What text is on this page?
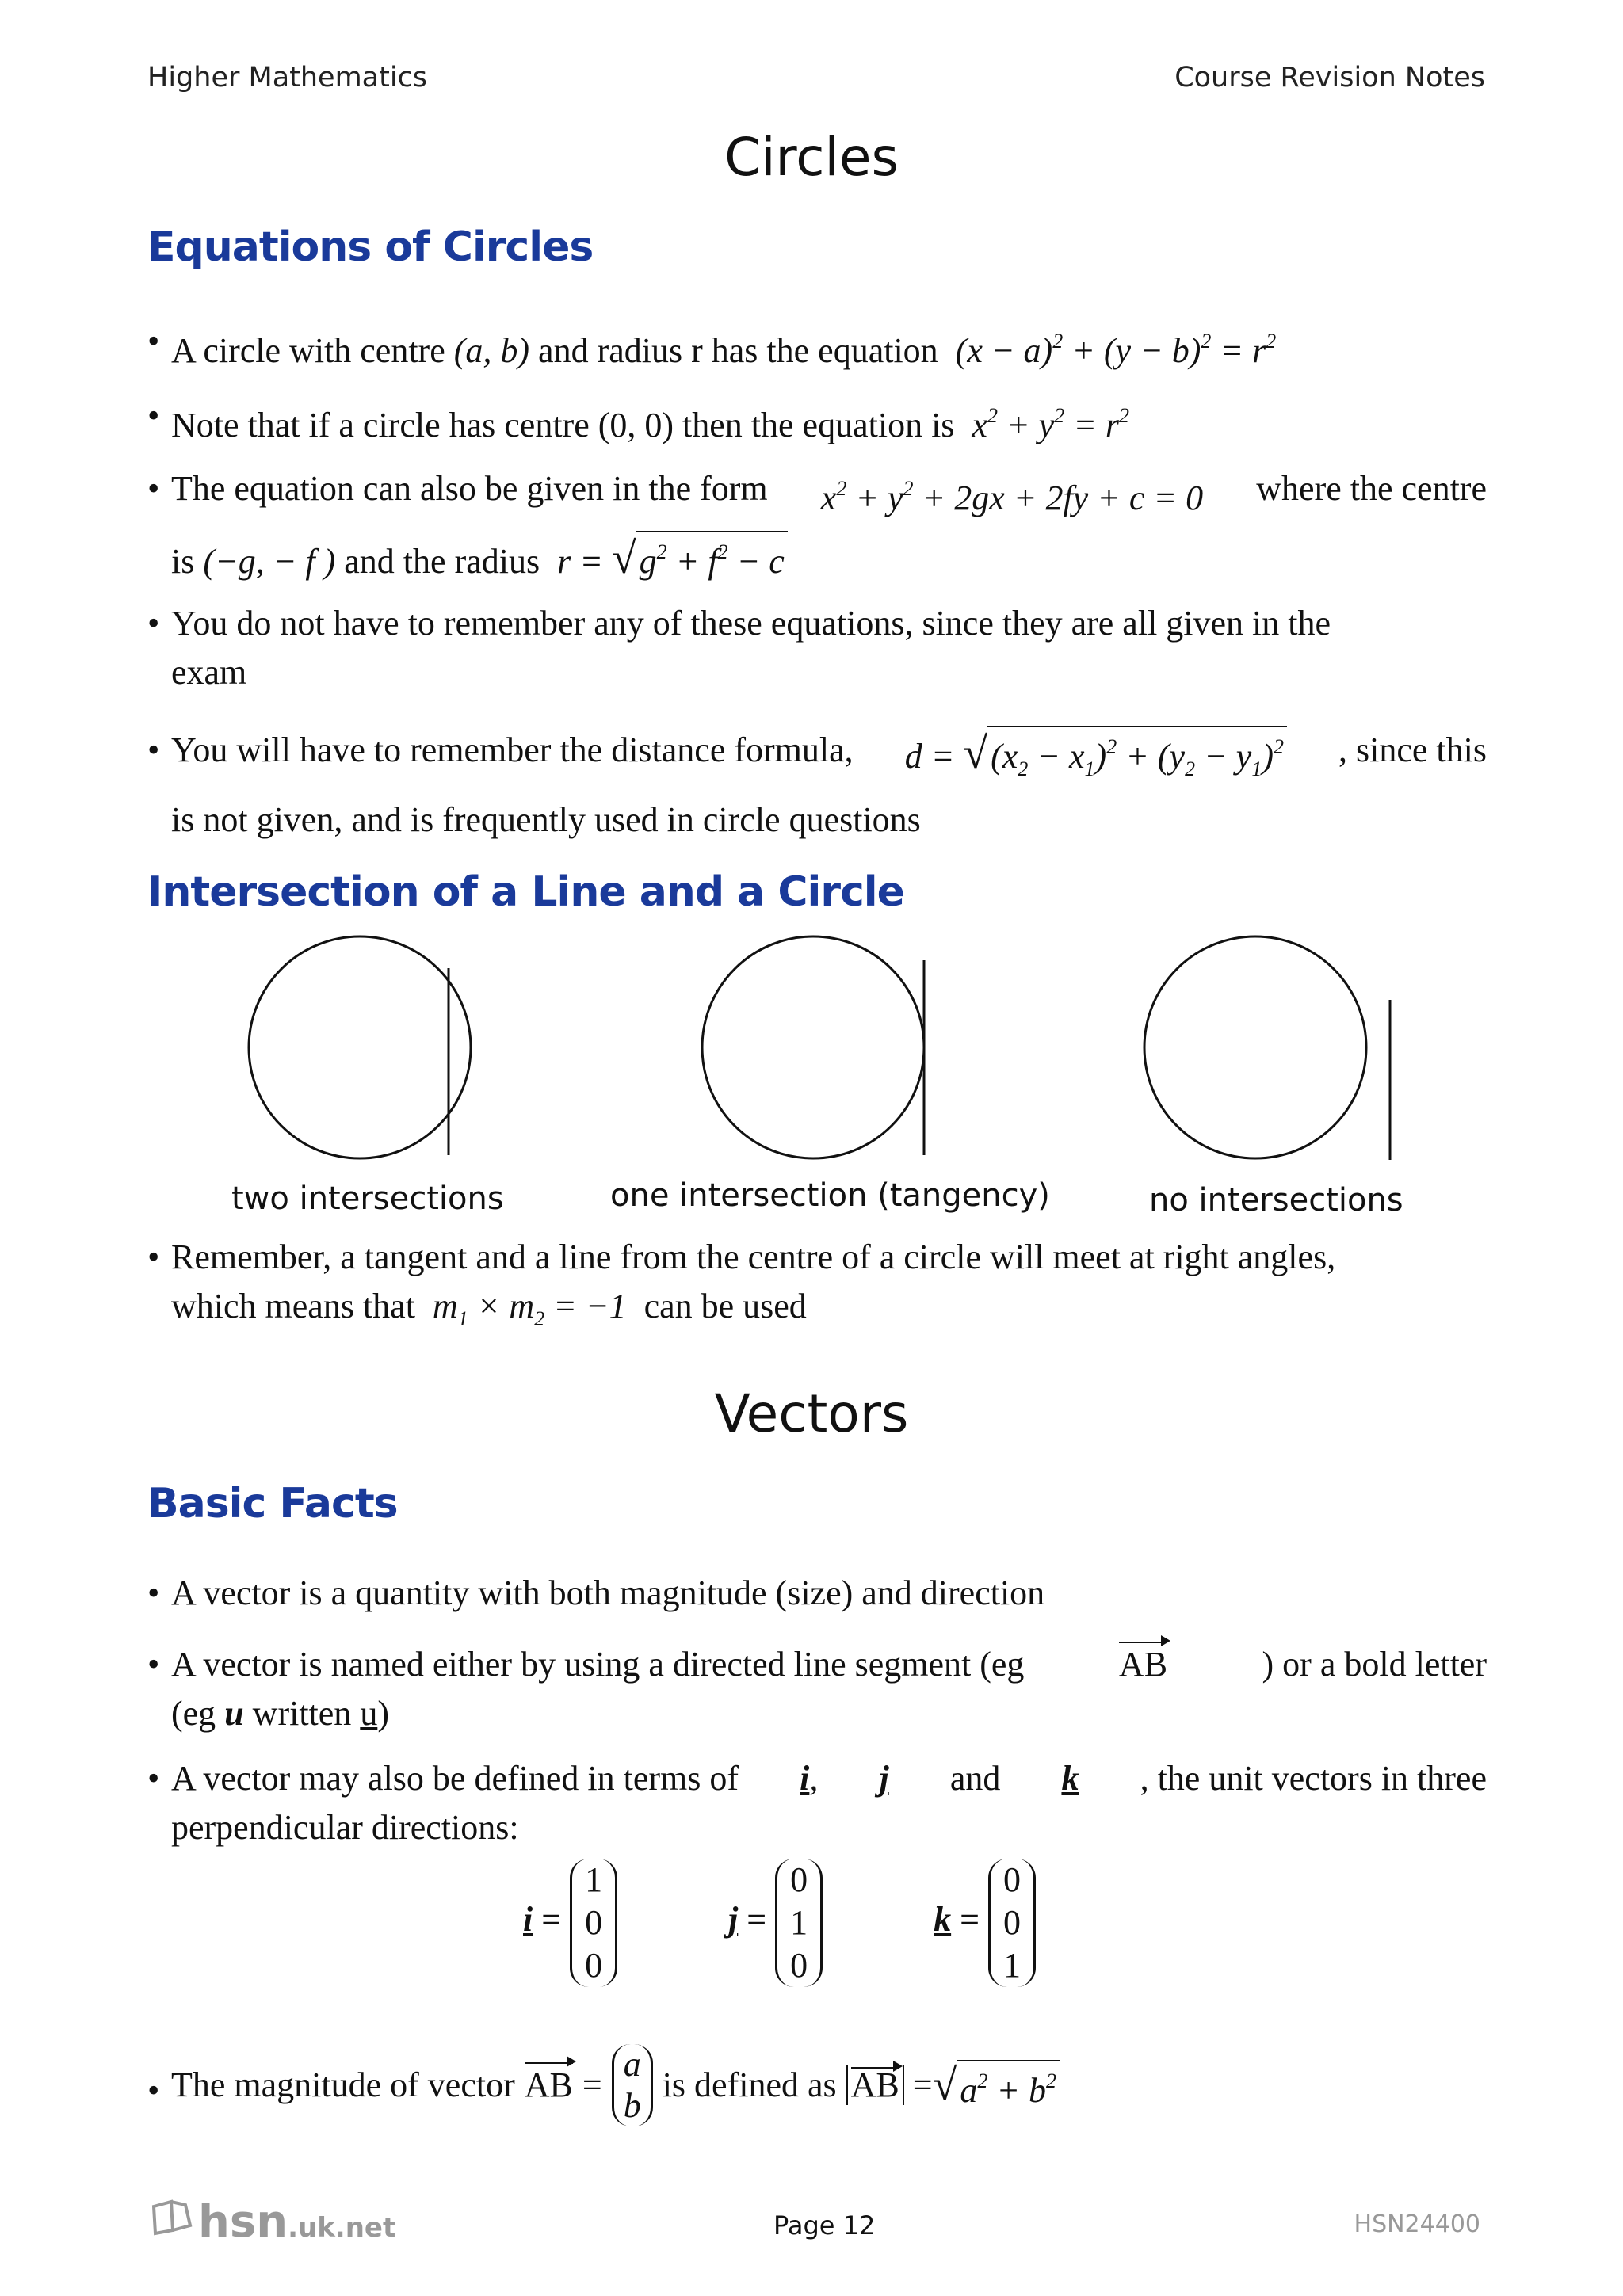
Higher Mathematics	Course Revision Notes
Circles
Equations of Circles
• A circle with centre (a, b) and radius r has the equation  $(x - a)^2 + (y - b)^2 = r^2$
• Note that if a circle has centre (0, 0) then the equation is  $x^2 + y^2 = r^2$
• The equation can also be given in the form $x^2 + y^2 + 2gx + 2fy + c = 0$ where the centre
is (−g, − f ) and the radius  $r = √g^2 + f^2 - c$
• You do not have to remember any of these equations, since they are all given in the
exam
• You will have to remember the distance formula, $d = √(x_2 - x_1)^2 + (y_2 - y_1)^2$ , since this
is not given, and is frequently used in circle questions
Intersection of a Line and a Circle
two intersections	one intersection (tangency)	no intersections
• Remember, a tangent and a line from the centre of a circle will meet at right angles,
which means that  $m_1 \times m_2 = -1$  can be used
Vectors
Basic Facts
• A vector is a quantity with both magnitude (size) and direction
• A vector is named either by using a directed line segment (eg	AB	) or a bold letter
(eg u written u)
• A vector may also be defined in terms of i, j and k , the unit vectors in three
perpendicular directions:
i =
1
0
0
j =
0
1
0
k =
0
0
1
• The magnitude of vector AB =
a
b
is defined as AB = √ $a^2 + b^2$
hsn .uk.net	Page 12	HSN24400
